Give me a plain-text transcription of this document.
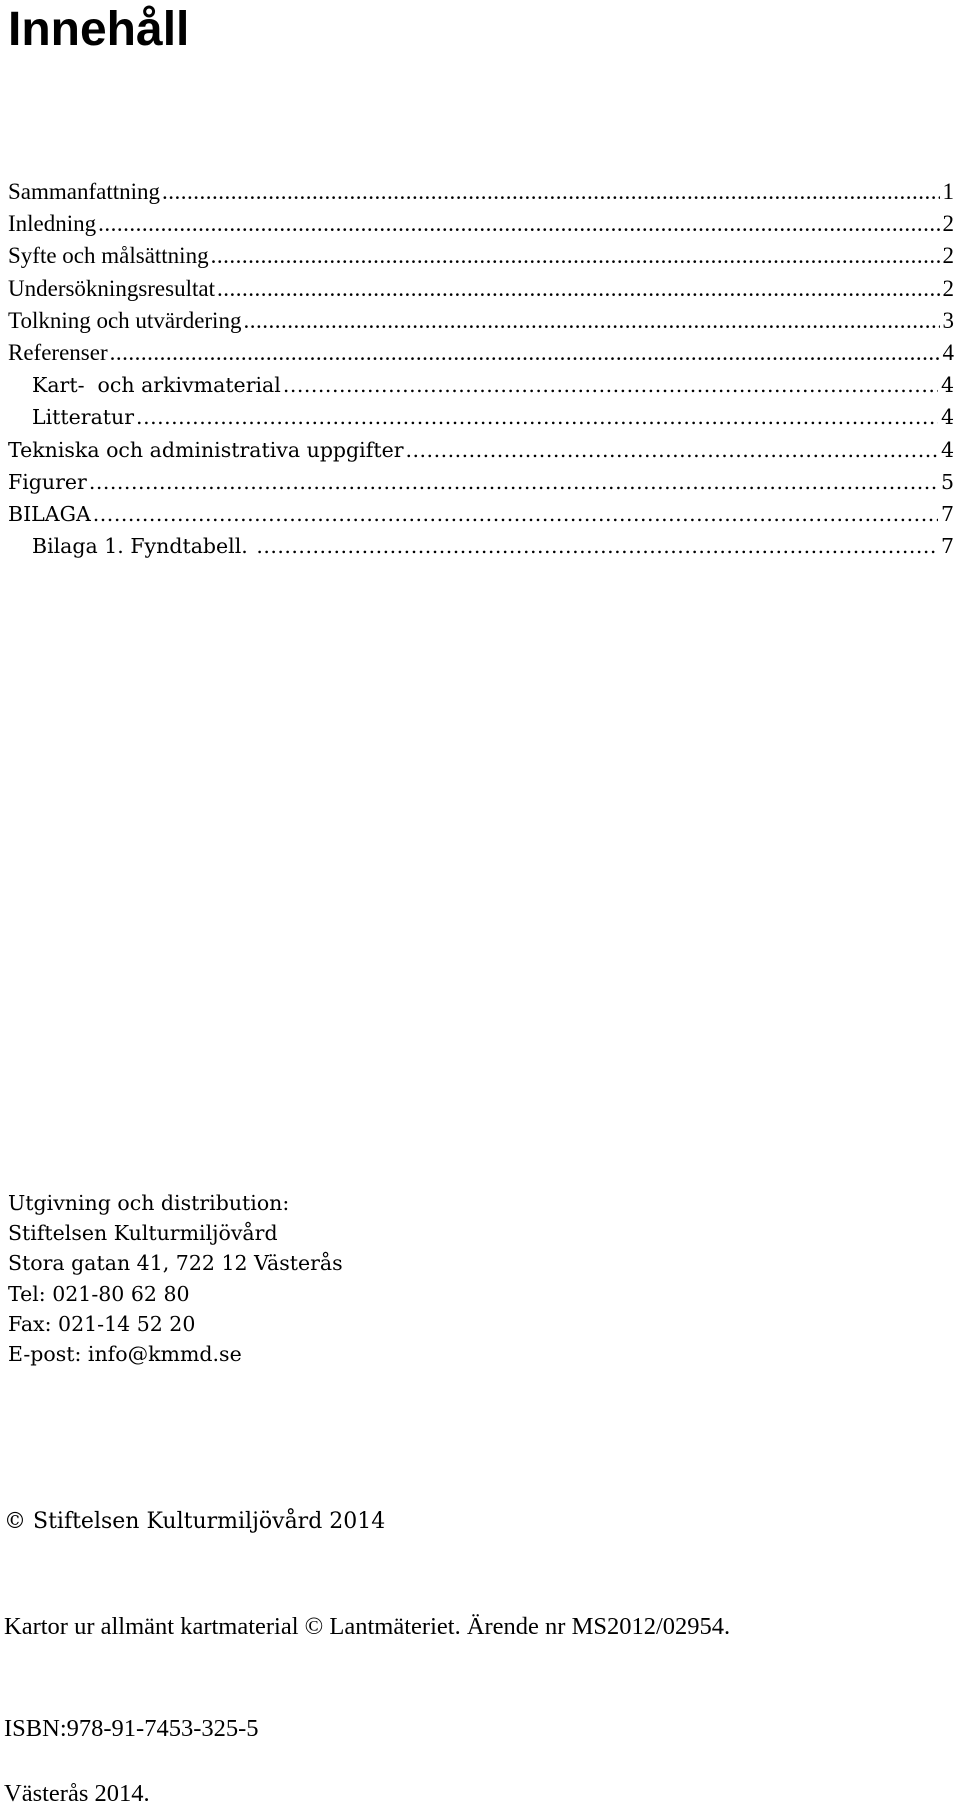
Innehåll
Sammanfattning .....	1
Inledning .....	2
Syfte och målsättning .....	2
Undersökningsresultat .....	2
Tolkning och utvärdering .....	3
Referenser .....	4
Kart-  och arkivmaterial .....	4
Litteratur .....	4
Tekniska och administrativa uppgifter .....	4
Figurer .....	5
BILAGA .....	7
Bilaga 1. Fyndtabell. .....	7
Utgivning och distribution:
Stiftelsen Kulturmiljövård
Stora gatan 41, 722 12 Västerås
Tel: 021-80 62 80
Fax: 021-14 52 20
E-post: info@kmmd.se
© Stiftelsen Kulturmiljövård 2014
Kartor ur allmänt kartmaterial © Lantmäteriet. Ärende nr MS2012/02954.
ISBN:978-91-7453-325-5
Västerås 2014.
